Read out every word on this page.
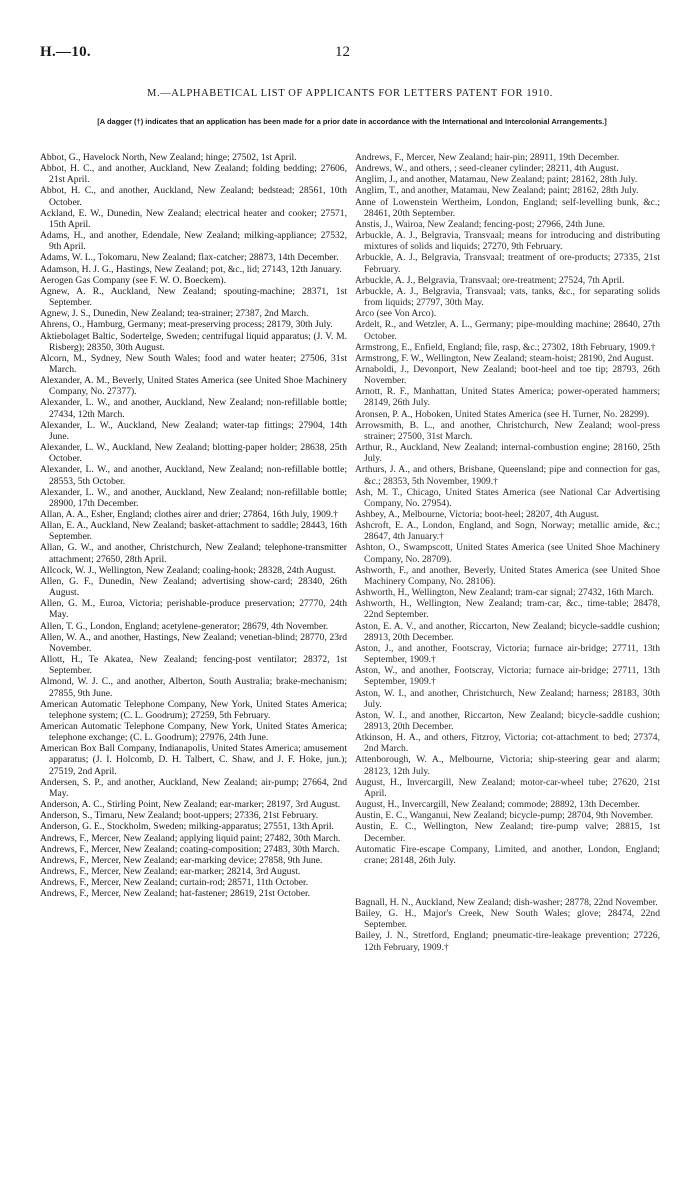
H.—10.	12
M.—ALPHABETICAL LIST OF APPLICANTS FOR LETTERS PATENT FOR 1910.
[A dagger (†) indicates that an application has been made for a prior date in accordance with the International and Intercolonial Arrangements.]
Abbot, G., Havelock North, New Zealand; hinge; 27502, 1st April.
Abbot, H. C., and another, Auckland, New Zealand; folding bedding; 27606, 21st April.
Abbot, H. C., and another, Auckland, New Zealand; bedstead; 28561, 10th October.
Ackland, E. W., Dunedin, New Zealand; electrical heater and cooker; 27571, 15th April.
Adams, H., and another, Edendale, New Zealand; milking-appliance; 27532, 9th April.
Adams, W. L., Tokomaru, New Zealand; flax-catcher; 28873, 14th December.
Adamson, H. J. G., Hastings, New Zealand; pot, &c., lid; 27143, 12th January.
Aerogen Gas Company (see F. W. O. Boeckem).
Agnew, A. R., Auckland, New Zealand; spouting-machine; 28371, 1st September.
Agnew, J. S., Dunedin, New Zealand; tea-strainer; 27387, 2nd March.
Ahrens, O., Hamburg, Germany; meat-preserving process; 28179, 30th July.
Aktiebolaget Baltic, Sodertelge, Sweden; centrifugal liquid apparatus; (J. V. M. Risberg); 28350, 30th August.
Alcorn, M., Sydney, New South Wales; food and water heater; 27506, 31st March.
Alexander, A. M., Beverly, United States America (see United Shoe Machinery Company, No. 27377).
Alexander, L. W., and another, Auckland, New Zealand; non-refillable bottle; 27434, 12th March.
Alexander, L. W., Auckland, New Zealand; water-tap fittings; 27904, 14th June.
Alexander, L. W., Auckland, New Zealand; blotting-paper holder; 28638, 25th October.
Alexander, L. W., and another, Auckland, New Zealand; non-refillable bottle; 28553, 5th October.
Alexander, L. W., and another, Auckland, New Zealand; non-refillable bottle; 28900, 17th December.
Allan, A. A., Esher, England; clothes airer and drier; 27864, 16th July, 1909.†
Allan, E. A., Auckland, New Zealand; basket-attachment to saddle; 28443, 16th September.
Allan, G. W., and another, Christchurch, New Zealand; telephone-transmitter attachment; 27650, 28th April.
Allcock, W. J., Wellington, New Zealand; coaling-hook; 28328, 24th August.
Allen, G. F., Dunedin, New Zealand; advertising show-card; 28340, 26th August.
Allen, G. M., Euroa, Victoria; perishable-produce preservation; 27770, 24th May.
Allen, T. G., London, England; acetylene-generator; 28679, 4th November.
Allen, W. A., and another, Hastings, New Zealand; venetian-blind; 28770, 23rd November.
Allott, H., Te Akatea, New Zealand; fencing-post ventilator; 28372, 1st September.
Almond, W. J. C., and another, Alberton, South Australia; brake-mechanism; 27855, 9th June.
American Automatic Telephone Company, New York, United States America; telephone system; (C. L. Goodrum); 27259, 5th February.
American Automatic Telephone Company, New York, United States America; telephone exchange; (C. L. Goodrum); 27976, 24th June.
American Box Ball Company, Indianapolis, United States America; amusement apparatus; (J. I. Holcomb, D. H. Talbert, C. Shaw, and J. F. Hoke, jun.); 27519, 2nd April.
Andersen, S. P., and another, Auckland, New Zealand; air-pump; 27664, 2nd May.
Anderson, A. C., Stirling Point, New Zealand; ear-marker; 28197, 3rd August.
Anderson, S., Timaru, New Zealand; boot-uppers; 27336, 21st February.
Anderson, G. E., Stockholm, Sweden; milking-apparatus; 27551, 13th April.
Andrews, F., Mercer, New Zealand; applying liquid paint; 27482, 30th March.
Andrews, F., Mercer, New Zealand; coating-composition; 27483, 30th March.
Andrews, F., Mercer, New Zealand; ear-marking device; 27858, 9th June.
Andrews, F., Mercer, New Zealand; ear-marker; 28214, 3rd August.
Andrews, F., Mercer, New Zealand; curtain-rod; 28571, 11th October.
Andrews, F., Mercer, New Zealand; hat-fastener; 28619, 21st October.
Andrews, F., Mercer, New Zealand; hair-pin; 28911, 19th December.
Andrews, W., and others, ; seed-cleaner cylinder; 28211, 4th August.
Anglim, J., and another, Matamau, New Zealand; paint; 28162, 28th July.
Anglim, T., and another, Matamau, New Zealand; paint; 28162, 28th July.
Anne of Lowenstein Wertheim, London, England; self-levelling bunk, &c.; 28461, 20th September.
Anstis, J., Wairoa, New Zealand; fencing-post; 27966, 24th June.
Arbuckle, A. J., Belgravia, Transvaal; means for introducing and distributing mixtures of solids and liquids; 27270, 9th February.
Arbuckle, A. J., Belgravia, Transvaal; treatment of ore-products; 27335, 21st February.
Arbuckle, A. J., Belgravia, Transvaal; ore-treatment; 27524, 7th April.
Arbuckle, A. J., Belgravia, Transvaal; vats, tanks, &c., for separating solids from liquids; 27797, 30th May.
Arco (see Von Arco).
Ardelt, R., and Wetzler, A. L., Germany; pipe-moulding machine; 28640, 27th October.
Armstrong, E., Enfield, England; file, rasp, &c.; 27302, 18th February, 1909.†
Armstrong, F. W., Wellington, New Zealand; steam-hoist; 28190, 2nd August.
Arnaboldi, J., Devonport, New Zealand; boot-heel and toe tip; 28793, 26th November.
Arnott, R. F., Manhattan, United States America; power-operated hammers; 28149, 26th July.
Aronsen, P. A., Hoboken, United States America (see H. Turner, No. 28299).
Arrowsmith, B. L., and another, Christchurch, New Zealand; wool-press strainer; 27500, 31st March.
Arthur, R., Auckland, New Zealand; internal-combustion engine; 28160, 25th July.
Arthurs, J. A., and others, Brisbane, Queensland; pipe and connection for gas, &c.; 28353, 5th November, 1909.†
Ash, M. T., Chicago, United States America (see National Car Advertising Company, No. 27954).
Ashbey, A., Melbourne, Victoria; boot-heel; 28207, 4th August.
Ashcroft, E. A., London, England, and Sogn, Norway; metallic amide, &c.; 28647, 4th January.†
Ashton, O., Swampscott, United States America (see United Shoe Machinery Company, No. 28709).
Ashworth, F., and another, Beverly, United States America (see United Shoe Machinery Company, No. 28106).
Ashworth, H., Wellington, New Zealand; tram-car signal; 27432, 16th March.
Ashworth, H., Wellington, New Zealand; tram-car, &c., time-table; 28478, 22nd September.
Aston, E. A. V., and another, Riccarton, New Zealand; bicycle-saddle cushion; 28913, 20th December.
Aston, J., and another, Footscray, Victoria; furnace air-bridge; 27711, 13th September, 1909.†
Aston, W., and another, Footscray, Victoria; furnace air-bridge; 27711, 13th September, 1909.†
Aston, W. I., and another, Christchurch, New Zealand; harness; 28183, 30th July.
Aston, W. I., and another, Riccarton, New Zealand; bicycle-saddle cushion; 28913, 20th December.
Atkinson, H. A., and others, Fitzroy, Victoria; cot-attachment to bed; 27374, 2nd March.
Attenborough, W. A., Melbourne, Victoria; ship-steering gear and alarm; 28123, 12th July.
August, H., Invercargill, New Zealand; motor-car-wheel tube; 27620, 21st April.
August, H., Invercargill, New Zealand; commode; 28892, 13th December.
Austin, E. C., Wanganui, New Zealand; bicycle-pump; 28704, 9th November.
Austin, E. C., Wellington, New Zealand; tire-pump valve; 28815, 1st December.
Automatic Fire-escape Company, Limited, and another, London, England; crane; 28148, 26th July.
Bagnall, H. N., Auckland, New Zealand; dish-washer; 28778, 22nd November.
Bailey, G. H., Major's Creek, New South Wales; glove; 28474, 22nd September.
Bailey, J. N., Stretford, England; pneumatic-tire-leakage prevention; 27226, 12th February, 1909.†
